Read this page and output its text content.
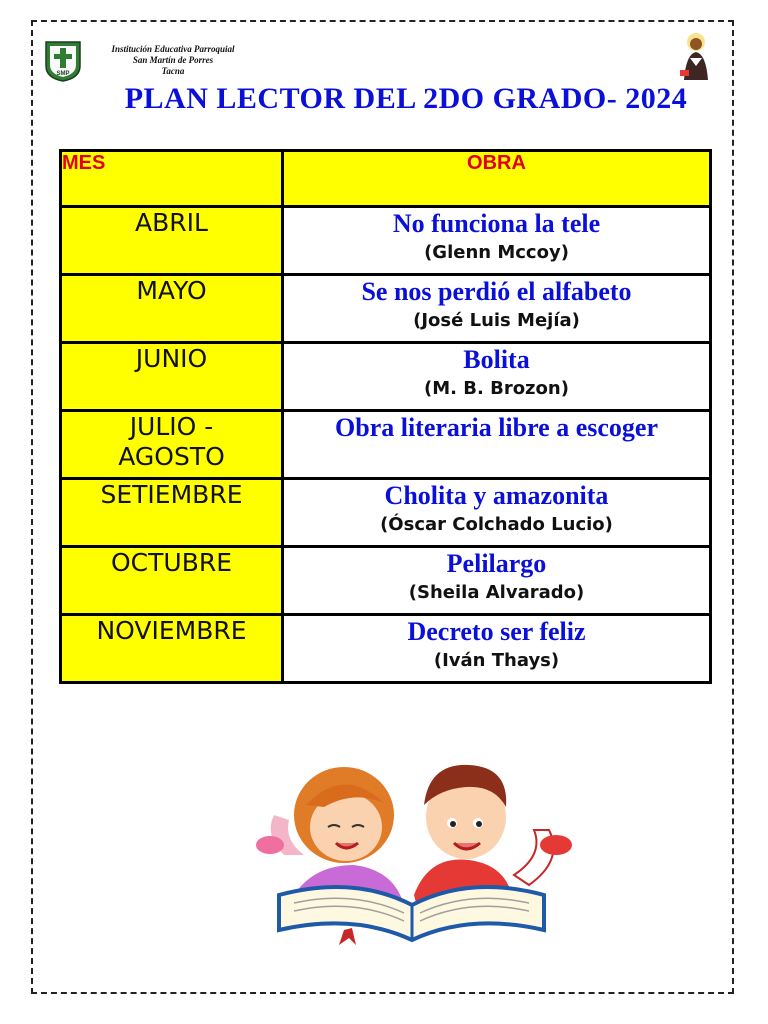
SMP
Institución Educativa Parroquial
San Martín de Porres
Tacna
PLAN LECTOR DEL 2DO GRADO- 2024
MES	OBRA
ABRIL	No funciona la tele
(Glenn Mccoy)

MAYO	Se nos perdió el alfabeto
(José Luis Mejía)

JUNIO	Bolita
(M. B. Brozon)

JULIO - AGOSTO	Obra literaria libre a escoger

SETIEMBRE	Cholita y amazonita
(Óscar Colchado Lucio)

OCTUBRE	Pelilargo
(Sheila Alvarado)

NOVIEMBRE	Decreto ser feliz
(Iván Thays)
